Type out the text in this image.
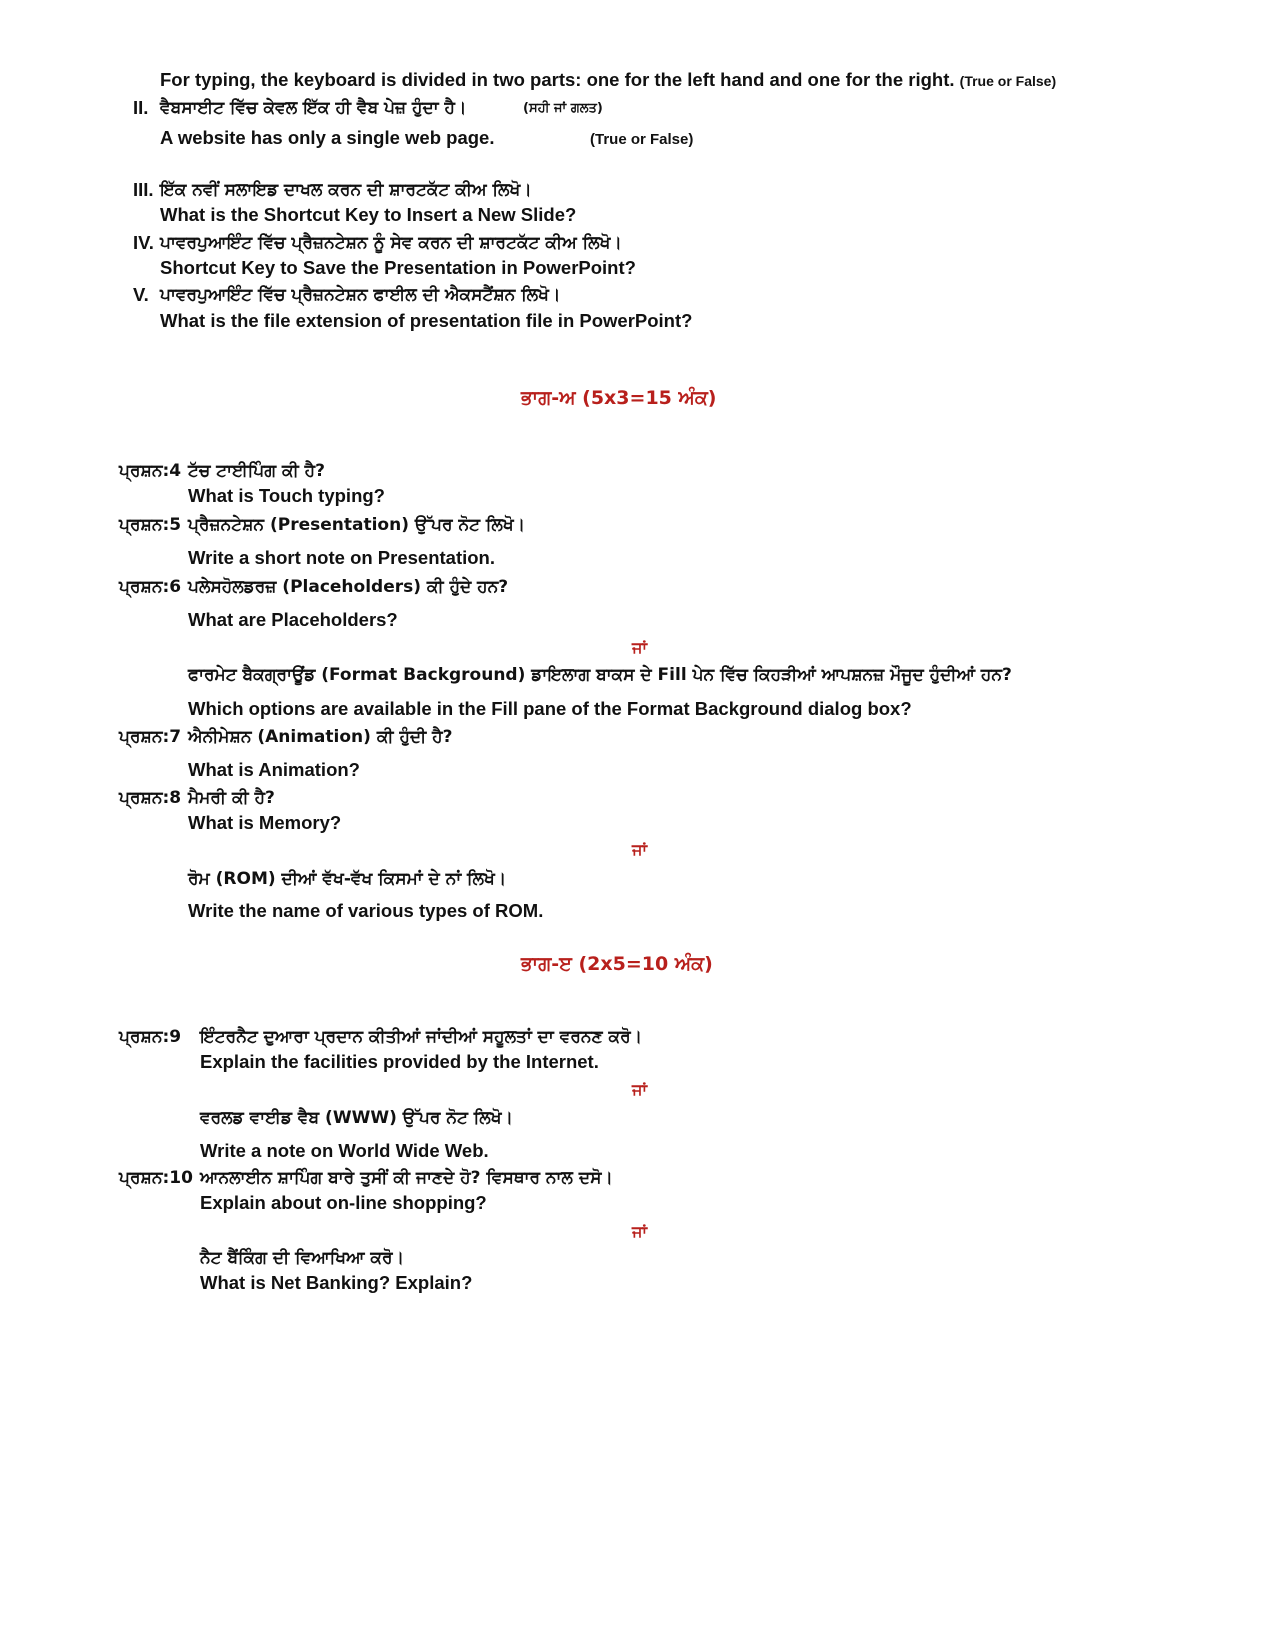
For typing, the keyboard is divided in two parts: one for the left hand and one for the right. (True or False)
II. ਵੈਬਸਾਈਟ ਵਿੱਚ ਕੇਵਲ ਇੱਕ ਹੀ ਵੈਬ ਪੇਜ਼ ਹੁੰਦਾ ਹੈ।	(ਸਹੀ ਜਾਂ ਗਲਤ)
A website has only a single web page.	(True or False)
III. ਇੱਕ ਨਵੀਂ ਸਲਾਇਡ ਦਾਖਲ ਕਰਨ ਦੀ ਸ਼ਾਰਟਕੱਟ ਕੀਅ ਲਿਖੋ।
What is the Shortcut Key to Insert a New Slide?
IV. ਪਾਵਰਪੁਆਇੰਟ ਵਿੱਚ ਪ੍ਰੈਜ਼ਨਟੇਸ਼ਨ ਨੂੰ ਸੇਵ ਕਰਨ ਦੀ ਸ਼ਾਰਟਕੱਟ ਕੀਅ ਲਿਖੋ।
Shortcut Key to Save the Presentation in PowerPoint?
V. ਪਾਵਰਪੁਆਇੰਟ ਵਿੱਚ ਪ੍ਰੈਜ਼ਨਟੇਸ਼ਨ ਫਾਈਲ ਦੀ ਐਕਸਟੈਂਸ਼ਨ ਲਿਖੋ।
What is the file extension of presentation file in PowerPoint?
ਭਾਗ-ਅ (5x3=15 ਅੰਕ)
ਪ੍ਰਸ਼ਨ:4 ਟੱਚ ਟਾਈਪਿੰਗ ਕੀ ਹੈ?
What is Touch typing?
ਪ੍ਰਸ਼ਨ:5 ਪ੍ਰੈਜ਼ਨਟੇਸ਼ਨ (Presentation) ਉੱਪਰ ਨੋਟ ਲਿਖੋ।
Write a short note on Presentation.
ਪ੍ਰਸ਼ਨ:6 ਪਲੇਸਹੋਲਡਰਜ਼ (Placeholders) ਕੀ ਹੁੰਦੇ ਹਨ?
What are Placeholders?
ਜਾਂ
ਫਾਰਮੇਟ ਬੈਕਗ੍ਰਾਊਂਡ (Format Background) ਡਾਇਲਾਗ ਬਾਕਸ ਦੇ Fill ਪੇਨ ਵਿੱਚ ਕਿਹੜੀਆਂ ਆਪਸ਼ਨਜ਼ ਮੌਜੂਦ ਹੁੰਦੀਆਂ ਹਨ?
Which options are available in the Fill pane of the Format Background dialog box?
ਪ੍ਰਸ਼ਨ:7 ਐਨੀਮੇਸ਼ਨ (Animation) ਕੀ ਹੁੰਦੀ ਹੈ?
What is Animation?
ਪ੍ਰਸ਼ਨ:8 ਮੈਮਰੀ ਕੀ ਹੈ?
What is Memory?
ਜਾਂ
ਰੋਮ (ROM) ਦੀਆਂ ਵੱਖ-ਵੱਖ ਕਿਸਮਾਂ ਦੇ ਨਾਂ ਲਿਖੋ।
Write the name of various types of ROM.
ਭਾਗ-ੲ (2x5=10 ਅੰਕ)
ਪ੍ਰਸ਼ਨ:9 ਇੰਟਰਨੈਟ ਦੁਆਰਾ ਪ੍ਰਦਾਨ ਕੀਤੀਆਂ ਜਾਂਦੀਆਂ ਸਹੂਲਤਾਂ ਦਾ ਵਰਨਣ ਕਰੋ।
Explain the facilities provided by the Internet.
ਜਾਂ
ਵਰਲਡ ਵਾਈਡ ਵੈਬ (WWW) ਉੱਪਰ ਨੋਟ ਲਿਖੋ।
Write a note on World Wide Web.
ਪ੍ਰਸ਼ਨ:10 ਆਨਲਾਈਨ ਸ਼ਾਪਿੰਗ ਬਾਰੇ ਤੁਸੀਂ ਕੀ ਜਾਣਦੇ ਹੋ? ਵਿਸਥਾਰ ਨਾਲ ਦਸੋ।
Explain about on-line shopping?
ਜਾਂ
ਨੈਟ ਬੈਂਕਿੰਗ ਦੀ ਵਿਆਖਿਆ ਕਰੋ।
What is Net Banking? Explain?
